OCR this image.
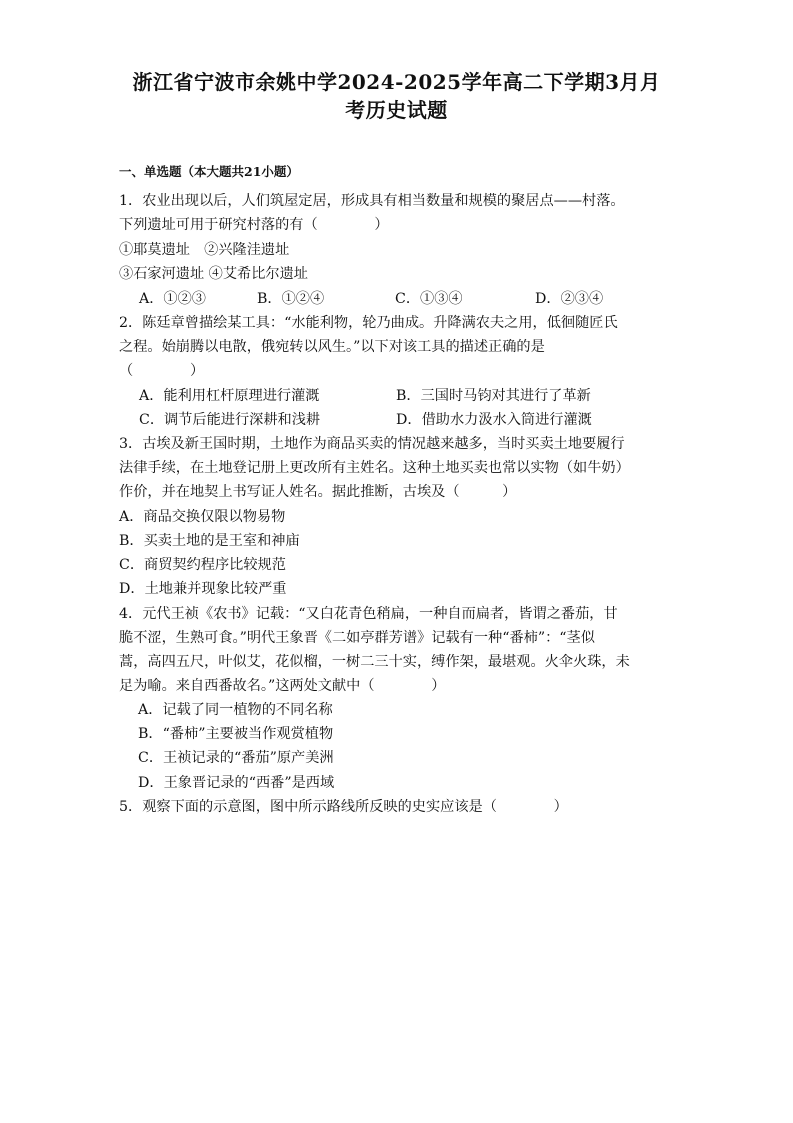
浙江省宁波市余姚中学2024-2025学年高二下学期3月月
考历史试题
一、单选题（本大题共21小题）
1．农业出现以后，人们筑屋定居，形成具有相当数量和规模的聚居点——村落。
下列遗址可用于研究村落的有（　　　　）
①耶莫遗址　②兴隆洼遗址
③石家河遗址 ④艾希比尔遗址
A．①②③	B．①②④	C．①③④	D．②③④
2．陈廷章曾描绘某工具：“水能利物，轮乃曲成。升降满农夫之用，低徊随匠氏
之程。始崩腾以电散，俄宛转以风生。”以下对该工具的描述正确的是
（　　　　）
A．能利用杠杆原理进行灌溉	B．三国时马钧对其进行了革新
C．调节后能进行深耕和浅耕	D．借助水力汲水入筒进行灌溉
3．古埃及新王国时期，土地作为商品买卖的情况越来越多，当时买卖土地要履行
法律手续，在土地登记册上更改所有主姓名。这种土地买卖也常以实物（如牛奶）
作价，并在地契上书写证人姓名。据此推断，古埃及（　　　）
A．商品交换仅限以物易物
B．买卖土地的是王室和神庙
C．商贸契约程序比较规范
D．土地兼并现象比较严重
4．元代王祯《农书》记载：“又白花青色稍扁，一种自而扁者，皆谓之番茄，甘
脆不涩，生熟可食。”明代王象晋《二如亭群芳谱》记载有一种“番柿”：“茎似
蒿，高四五尺，叶似艾，花似榴，一树二三十实，缚作架，最堪观。火伞火珠，未
足为喻。来自西番故名。”这两处文献中（　　　　）
A．记载了同一植物的不同名称
B．“番柿”主要被当作观赏植物
C．王祯记录的“番茄”原产美洲
D．王象晋记录的“西番”是西域
5．观察下面的示意图，图中所示路线所反映的史实应该是（　　　　）
